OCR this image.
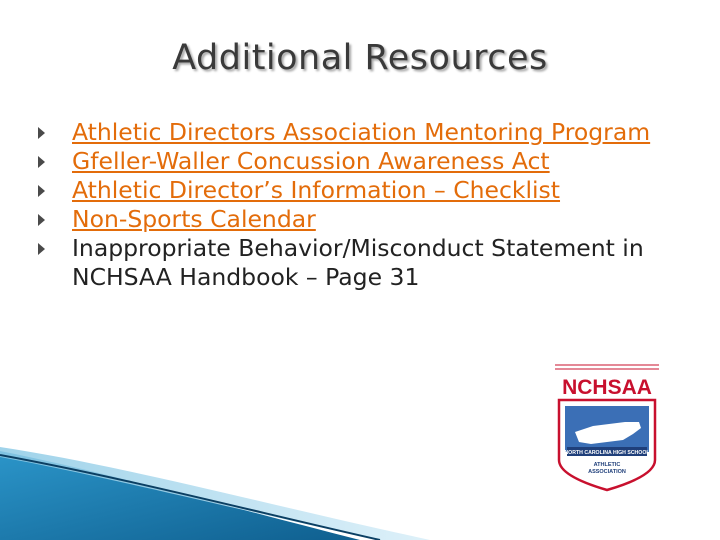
Additional Resources
Athletic Directors Association Mentoring Program
Gfeller-Waller Concussion Awareness Act
Athletic Director’s Information – Checklist
Non-Sports Calendar
Inappropriate Behavior/Misconduct Statement in NCHSAA Handbook – Page 31
NCHSAA
NORTH CAROLINA HIGH SCHOOL
ATHLETIC
ASSOCIATION
